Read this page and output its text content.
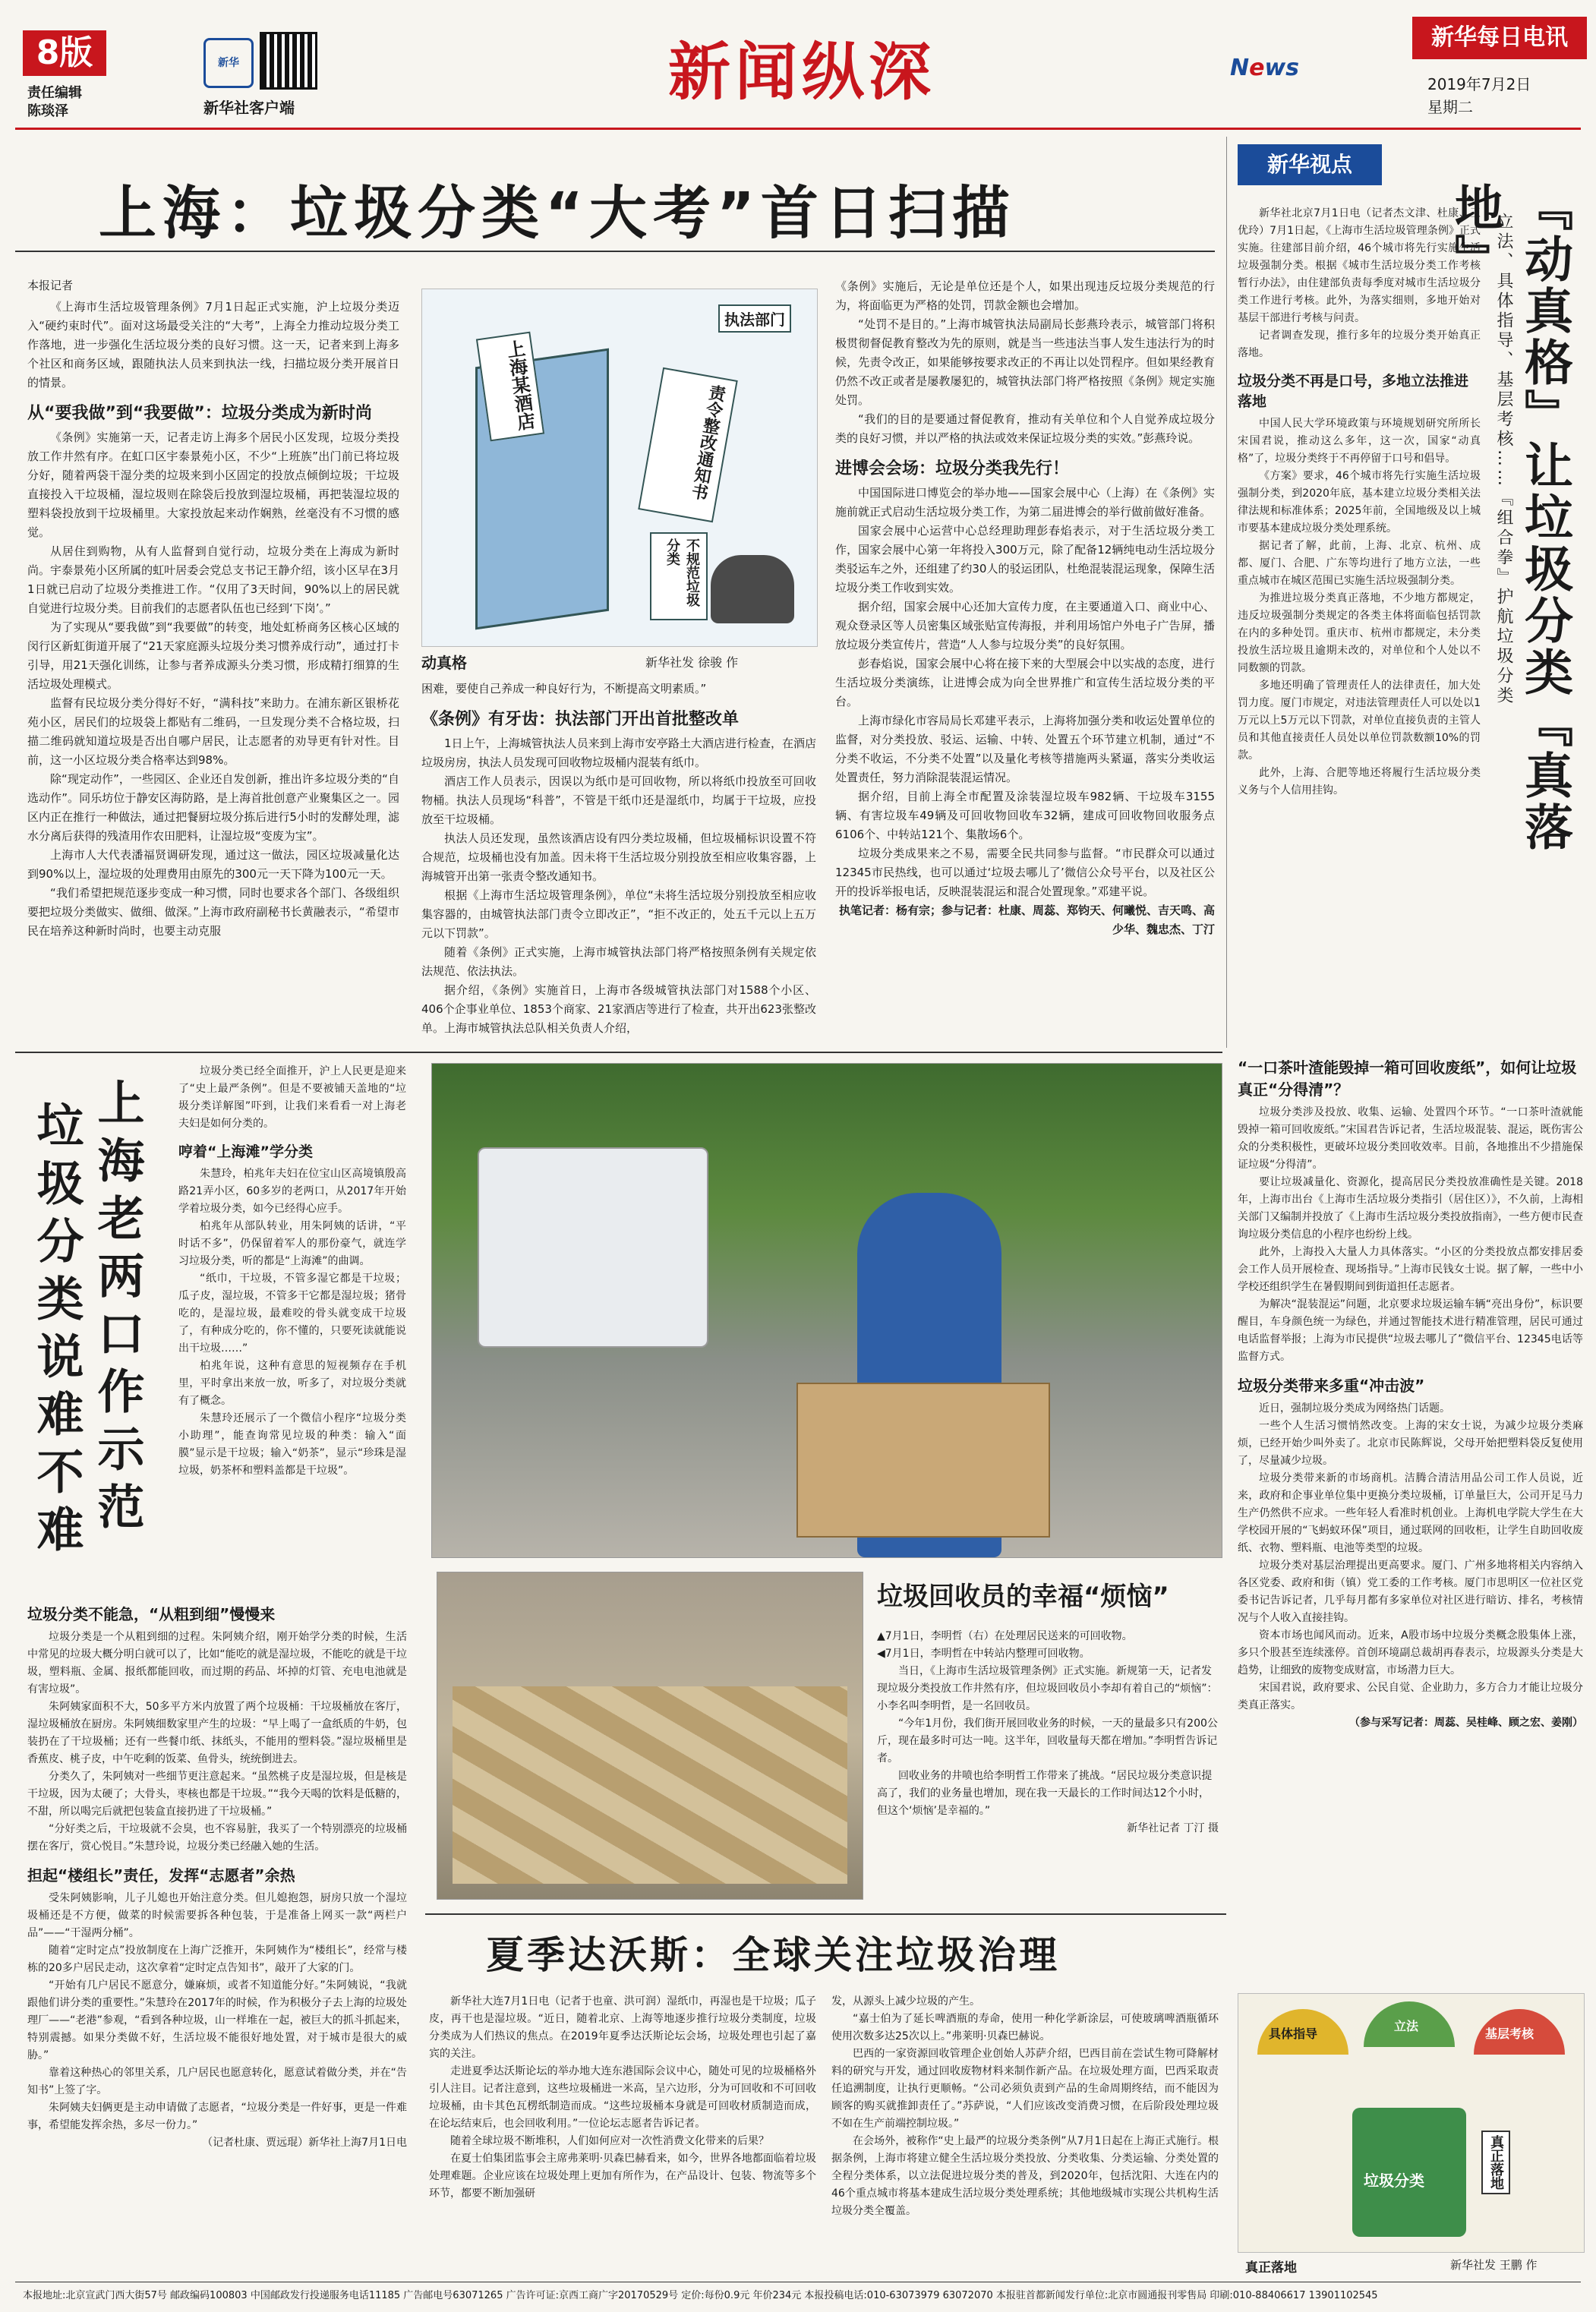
8版
责任编辑
陈琰泽
新华
新华社客户端	新闻纵深	News
新华每日电讯
2019年7月2日
星期二
上海：垃圾分类“大考”首日扫描
本报记者

《上海市生活垃圾管理条例》7月1日起正式实施，沪上垃圾分类迈入“硬约束时代”。面对这场最受关注的“大考”，上海全力推动垃圾分类工作落地，进一步强化生活垃圾分类的良好习惯。这一天，记者来到上海多个社区和商务区域，跟随执法人员来到执法一线，扫描垃圾分类开展首日的情景。

从“要我做”到“我要做”：垃圾分类成为新时尚

《条例》实施第一天，记者走访上海多个居民小区发现，垃圾分类投放工作井然有序。在虹口区宇泰景苑小区，不少“上班族”出门前已将垃圾分好，随着两袋干湿分类的垃圾来到小区固定的投放点倾倒垃圾；干垃圾直接投入干垃圾桶，湿垃圾则在除袋后投放到湿垃圾桶，再把装湿垃圾的塑料袋投放到干垃圾桶里。大家投放起来动作娴熟，丝毫没有不习惯的感觉。

从居住到购物，从有人监督到自觉行动，垃圾分类在上海成为新时尚。宇泰景苑小区所属的虹叶居委会党总支书记王静介绍，该小区早在3月1日就已启动了垃圾分类推进工作。“仅用了3天时间，90%以上的居民就自觉进行垃圾分类。目前我们的志愿者队伍也已经到‘下岗’。”

为了实现从“要我做”到“我要做”的转变，地处虹桥商务区核心区域的闵行区新虹街道开展了“21天家庭源头垃圾分类习惯养成行动”，通过打卡引导，用21天强化训练，让参与者养成源头分类习惯，形成精打细算的生活垃圾处理模式。

监督有民垃圾分类分得好不好，“满科技”来助力。在浦东新区银桥花苑小区，居民们的垃圾袋上都贴有二维码，一旦发现分类不合格垃圾，扫描二维码就知道垃圾是否出自哪户居民，让志愿者的劝导更有针对性。目前，这一小区垃圾分类合格率达到98%。

除“现定动作”，一些园区、企业还自发创新，推出许多垃圾分类的“自选动作”。同乐坊位于静安区海防路，是上海首批创意产业聚集区之一。园区内正在推行一种做法，通过把餐厨垃圾分拣后进行5小时的发酵处理，滤水分离后获得的残渣用作农田肥料，让湿垃圾“变废为宝”。

上海市人大代表潘福贤调研发现，通过这一做法，园区垃圾减量化达到90%以上，湿垃圾的处理费用由原先的300元一天下降为100元一天。

“我们希望把规范逐步变成一种习惯，同时也要求各个部门、各级组织要把垃圾分类做实、做细、做深。”上海市政府副秘书长黄融表示，“希望市民在培养这种新时尚时，也要主动克服

上海某酒店
执法部门
责令整改通知书
不规范垃圾分类
动真格	新华社发 徐骏 作

困难，要使自己养成一种良好行为，不断提高文明素质。”

《条例》有牙齿：执法部门开出首批整改单

1日上午，上海城管执法人员来到上海市安亭路土大酒店进行检查，在酒店垃圾房房，执法人员发现可回收物垃圾桶内混装有纸巾。

酒店工作人员表示，因误以为纸巾是可回收物，所以将纸巾投放至可回收物桶。执法人员现场“科普”，不管是干纸巾还是湿纸巾，均属于干垃圾，应投放至干垃圾桶。

执法人员还发现，虽然该酒店设有四分类垃圾桶，但垃圾桶标识设置不符合规范，垃圾桶也没有加盖。因未将干生活垃圾分别投放至相应收集容器，上海城管开出第一张责令整改通知书。

根据《上海市生活垃圾管理条例》，单位“未将生活垃圾分别投放至相应收集容器的，由城管执法部门责令立即改正”，“拒不改正的，处五千元以上五万元以下罚款”。

随着《条例》正式实施，上海市城管执法部门将严格按照条例有关规定依法规范、依法执法。

据介绍，《条例》实施首日，上海市各级城管执法部门对1588个小区、406个企事业单位、1853个商家、21家酒店等进行了检查，共开出623张整改单。上海市城管执法总队相关负责人介绍，

《条例》实施后，无论是单位还是个人，如果出现违反垃圾分类规范的行为，将面临更为严格的处罚，罚款金额也会增加。

“处罚不是目的。”上海市城管执法局副局长彭燕玲表示，城管部门将积极贯彻督促教育整改为先的原则，就是当一些违法当事人发生违法行为的时候，先责令改正，如果能够按要求改正的不再让以处罚程序。但如果经教育仍然不改正或者是屡教屡犯的，城管执法部门将严格按照《条例》规定实施处罚。

“我们的目的是要通过督促教育，推动有关单位和个人自觉养成垃圾分类的良好习惯，并以严格的执法或效来保证垃圾分类的实效。”彭燕玲说。

进博会会场：垃圾分类我先行！

中国国际进口博览会的举办地——国家会展中心（上海）在《条例》实施前就正式启动生活垃圾分类工作，为第二届进博会的举行做前做好准备。

国家会展中心运营中心总经理助理彭春焰表示，对于生活垃圾分类工作，国家会展中心第一年将投入300万元，除了配备12辆纯电动生活垃圾分类驳运车之外，还组建了约30人的驳运团队，杜绝混装混运现象，保障生活垃圾分类工作收到实效。

据介绍，国家会展中心还加大宣传力度，在主要通道入口、商业中心、观众登录区等人员密集区域张贴宣传海报，并利用场馆户外电子广告屏，播放垃圾分类宣传片，营造“人人参与垃圾分类”的良好氛围。

彭春焰说，国家会展中心将在接下来的大型展会中以实战的态度，进行生活垃圾分类演练，让进博会成为向全世界推广和宣传生活垃圾分类的平台。

上海市绿化市容局局长邓建平表示，上海将加强分类和收运处置单位的监督，对分类投放、驳运、运输、中转、处置五个环节建立机制，通过“不分类不收运，不分类不处置”以及量化考核等措施两头紧逼，落实分类收运处置责任，努力消除混装混运情况。

据介绍，目前上海全市配置及涂装湿垃圾车982辆、干垃圾车3155辆、有害垃圾车49辆及可回收物回收车32辆，建成可回收物回收服务点6106个、中转站121个、集散场6个。

垃圾分类成果来之不易，需要全民共同参与监督。“市民群众可以通过12345市民热线，也可以通过‘垃圾去哪儿了’微信公众号平台，以及社区公开的投诉举报电话，反映混装混运和混合处置现象。”邓建平说。

执笔记者：杨有宗；参与记者：杜康、周蕊、郑钧天、何曦悦、吉天鸣、高少华、魏忠杰、丁汀

新华视点
『动真格』让垃圾分类『真落地』
立法、具体指导、基层考核……『组合拳』护航垃圾分类

新华社北京7月1日电（记者杰文津、杜康、王优玲）7月1日起，《上海市生活垃圾管理条例》正式实施。往建部目前介绍，46个城市将先行实施生活垃圾强制分类。根据《城市生活垃圾分类工作考核暂行办法》，由住建部负责每季度对城市生活垃圾分类工作进行考核。此外，为落实细则，多地开始对基层干部进行考核与问责。

记者调查发现，推行多年的垃圾分类开始真正落地。

垃圾分类不再是口号，多地立法推进落地

中国人民大学环境政策与环境规划研究所所长宋国君说，推动这么多年，这一次，国家“动真格”了，垃圾分类终于不再停留于口号和倡导。

《方案》要求，46个城市将先行实施生活垃圾强制分类，到2020年底，基本建立垃圾分类相关法律法规和标准体系；2025年前，全国地级及以上城市要基本建成垃圾分类处理系统。

据记者了解，此前，上海、北京、杭州、成都、厦门、合肥、广东等均进行了地方立法，一些重点城市在城区范围已实施生活垃圾强制分类。

为推进垃圾分类真正落地，不少地方都规定，违反垃圾强制分类规定的各类主体将面临包括罚款在内的多种处罚。重庆市、杭州市都规定，未分类投放生活垃圾且逾期未改的，对单位和个人处以不同数额的罚款。

多地还明确了管理责任人的法律责任，加大处罚力度。厦门市规定，对违法管理责任人可以处以1万元以上5万元以下罚款，对单位直接负责的主管人员和其他直接责任人员处以单位罚款数额10%的罚款。

此外，上海、合肥等地还将履行生活垃圾分类义务与个人信用挂钩。

“一口茶叶渣能毁掉一箱可回收废纸”，如何让垃圾真正“分得清”？

垃圾分类涉及投放、收集、运输、处置四个环节。“一口茶叶渣就能毁掉一箱可回收废纸。”宋国君告诉记者，生活垃圾混装、混运，既伤害公众的分类积极性，更破坏垃圾分类回收效率。目前，各地推出不少措施保证垃圾“分得清”。

要让垃圾减量化、资源化，提高居民分类投放准确性是关键。2018年，上海市出台《上海市生活垃圾分类指引（居住区）》，不久前，上海相关部门又编制并投放了《上海市生活垃圾分类投放指南》，一些方便市民查询垃圾分类信息的小程序也纷纷上线。

此外，上海投入大量人力具体落实。“小区的分类投放点都安排居委会工作人员开展检查、现场指导。”上海市民钱女士说。据了解，一些中小学校还组织学生在暑假期间到街道担任志愿者。

为解决“混装混运”问题，北京要求垃圾运输车辆“亮出身份”，标识要醒目，车身颜色统一为绿色，并通过智能技术进行精准管理，居民可通过电话监督举报；上海为市民提供“垃圾去哪儿了”微信平台、12345电话等监督方式。

垃圾分类带来多重“冲击波”

近日，强制垃圾分类成为网络热门话题。

一些个人生活习惯悄然改变。上海的宋女士说，为减少垃圾分类麻烦，已经开始少叫外卖了。北京市民陈辉说，父母开始把塑料袋反复使用了，尽量减少垃圾。

垃圾分类带来新的市场商机。洁腾合清洁用品公司工作人员说，近来，政府和企事业单位集中更换分类垃圾桶，订单量巨大，公司开足马力生产仍然供不应求。一些年轻人看准时机创业。上海机电学院大学生在大学校园开展的“飞蚂蚁环保”项目，通过联网的回收柜，让学生自助回收废纸、衣物、塑料瓶、电池等类型的垃圾。

垃圾分类对基层治理提出更高要求。厦门、广州多地将相关内容纳入各区党委、政府和街（镇）党工委的工作考核。厦门市思明区一位社区党委书记告诉记者，几乎每月都有多家单位对社区进行暗访、排名，考核情况与个人收入直接挂钩。

资本市场也闻风而动。近来，A股市场中垃圾分类概念股集体上涨，多只个股甚至连续涨停。首创环境副总裁胡再春表示，垃圾源头分类是大趋势，让细致的废物变成财富，市场潜力巨大。

宋国君说，政府要求、公民自觉、企业助力，多方合力才能让垃圾分类真正落实。

（参与采写记者：周蕊、吴桂峰、顾之宏、姜刚）

上海老两口作示范
垃圾分类说难不难

垃圾分类已经全面推开，沪上人民更是迎来了“史上最严条例”。但是不要被铺天盖地的“垃圾分类详解图”吓到，让我们来看看一对上海老夫妇是如何分类的。

哼着“上海滩”学分类

朱慧玲，柏兆年夫妇在位宝山区高境镇殷高路21弄小区，60多岁的老两口，从2017年开始学着垃圾分类，如今已经得心应手。

柏兆年从部队转业，用朱阿姨的话讲，“平时话不多”，仍保留着军人的那份豪气，就连学习垃圾分类，听的都是“上海滩”的曲调。

“纸巾，干垃圾，不管多湿它都是干垃圾；瓜子皮，湿垃圾，不管多干它都是湿垃圾；猪骨吃的，是湿垃圾，最难咬的骨头就变成干垃圾了，有种成分吃的，你不懂的，只要死读就能说出干垃圾……”

柏兆年说，这种有意思的短视频存在手机里，平时拿出来放一放，听多了，对垃圾分类就有了概念。

朱慧玲还展示了一个微信小程序“垃圾分类小助理”，能查询常见垃圾的种类：输入“面膜”显示是干垃圾；输入“奶茶”，显示“珍珠是湿垃圾，奶茶杯和塑料盖都是干垃圾”。

垃圾分类不能急，“从粗到细”慢慢来

垃圾分类是一个从粗到细的过程。朱阿姨介绍，刚开始学分类的时候，生活中常见的垃圾大概分明白就可以了，比如“能吃的就是湿垃圾，不能吃的就是干垃圾，塑料瓶、金属、报纸都能回收，而过期的药品、坏掉的灯管、充电电池就是有害垃圾”。

朱阿姨家面积不大，50多平方米内放置了两个垃圾桶：干垃圾桶放在客厅，湿垃圾桶放在厨房。朱阿姨细数家里产生的垃圾：“早上喝了一盒纸质的牛奶，包装扔在了干垃圾桶；还有一些餐巾纸、抹纸头，不能用的塑料袋。”湿垃圾桶里是香蕉皮、桃子皮，中午吃剩的饭菜、鱼骨头，统统倒进去。

分类久了，朱阿姨对一些细节更注意起来。“虽然桃子皮是湿垃圾，但是核是干垃圾，因为太硬了；大骨头，枣核也都是干垃圾。”“我今天喝的饮料是低糖的，不甜，所以喝完后就把包装盒直接扔进了干垃圾桶。”

“分好类之后，干垃圾就不会臭，也不容易脏，我买了一个特别漂亮的垃圾桶摆在客厅，赏心悦目。”朱慧玲说，垃圾分类已经融入她的生活。

担起“楼组长”责任，发挥“志愿者”余热

受朱阿姨影响，儿子儿媳也开始注意分类。但儿媳抱怨，厨房只放一个湿垃圾桶还是不方便，做菜的时候需要拆各种包装，于是准备上网买一款“两栏户品”——“干湿两分桶”。

随着“定时定点”投放制度在上海广泛推开，朱阿姨作为“楼组长”，经常与楼栋的20多户居民走动，这次拿着“定时定点告知书”，敲开了大家的门。

“开始有几户居民不愿意分，嫌麻烦，或者不知道能分好。”朱阿姨说，“我就跟他们讲分类的重要性。”朱慧玲在2017年的时候，作为积极分子去上海的垃圾处理厂——“老港”参观，“看到各种垃圾，山一样堆在一起，被巨大的抓斗抓起来，特别震撼。如果分类做不好，生活垃圾不能很好地处置，对于城市是很大的威胁。”

靠着这种热心的邻里关系，几户居民也愿意转化，愿意试着做分类，并在“告知书”上签了字。

朱阿姨夫妇俩更是主动申请做了志愿者，“垃圾分类是一件好事，更是一件难事，希望能发挥余热，多尽一份力。”

（记者杜康、贾远琨）新华社上海7月1日电

垃圾回收员的幸福“烦恼”
▲7月1日，李明哲（右）在处理居民送来的可回收物。
◀7月1日，李明哲在中转站内整理可回收物。
当日，《上海市生活垃圾管理条例》正式实施。新规第一天，记者发现垃圾分类投放工作井然有序，但垃圾回收员小李却有着自己的“烦恼”：小李名叫李明哲，是一名回收员。
“今年1月份，我们街开展回收业务的时候，一天的量最多只有200公斤，现在最多时可达一吨。这半年，回收量每天都在增加。”李明哲告诉记者。
回收业务的井喷也给李明哲工作带来了挑战。“居民垃圾分类意识提高了，我们的业务量也增加，现在我一天最长的工作时间达12个小时，但这个‘烦恼’是幸福的。”
新华社记者 丁汀 摄
夏季达沃斯：全球关注垃圾治理

新华社大连7月1日电（记者于也童、洪可润）湿纸巾，再湿也是干垃圾；瓜子皮，再干也是湿垃圾。“近日，随着北京、上海等地逐步推行垃圾分类制度，垃圾分类成为人们热议的焦点。在2019年夏季达沃斯论坛会场，垃圾处理也引起了嘉宾的关注。

走进夏季达沃斯论坛的举办地大连东港国际会议中心，随处可见的垃圾桶格外引人注目。记者注意到，这些垃圾桶进一米高，呈六边形，分为可回收和不可回收垃圾桶，由卡其色瓦楞纸制造而成。“这些垃圾桶本身就是可回收材质制造而成，在论坛结束后，也会回收利用。”一位论坛志愿者告诉记者。

随着全球垃圾不断堆积，人们如何应对一次性消费文化带来的后果？

在夏士伯集团监事会主席弗莱明·贝森巴赫看来，如今，世界各地都面临着垃圾处理难题。企业应该在垃圾处理上更加有所作为，在产品设计、包装、物流等多个环节，都要不断加强研

发，从源头上减少垃圾的产生。

“嘉士伯为了延长啤酒瓶的寿命，使用一种化学新涂层，可使玻璃啤酒瓶循环使用次数多达25次以上。”弗莱明·贝森巴赫说。

巴西的一家资源回收管理企业创始人苏萨介绍，巴西目前在尝试生物可降解材料的研究与开发，通过回收废物材料来制作新产品。在垃圾处理方面，巴西采取责任追溯制度，让执行更顺畅。“公司必须负责到产品的生命周期终结，而不能因为顾客的购买就推卸责任了。”苏萨说，“人们应该改变消费习惯，在后阶段处理垃圾不如在生产前端控制垃圾。”

在会场外，被称作“史上最严的垃圾分类条例”从7月1日起在上海正式施行。根据条例，上海市将建立健全生活垃圾分类投放、分类收集、分类运输、分类处置的全程分类体系，以立法促进垃圾分类的普及，到2020年，包括沈阳、大连在内的46个重点城市将基本建成生活垃圾分类处理系统；其他地级城市实现公共机构生活垃圾分类全覆盖。

具体指导
立法
基层考核
垃圾分类	真正落地
真正落地	新华社发 王鹏 作
本报地址:北京宣武门西大街57号 邮政编码100803 中国邮政发行投递服务电话11185 广告邮电号63071265 广告许可证:京西工商广字20170529号 定价:每份0.9元 年价234元 本报投稿电话:010-63073979 63072070 本报驻首都新闻发行单位:北京市圆通报刊零售局 印刷:010-88406617 13901102545
